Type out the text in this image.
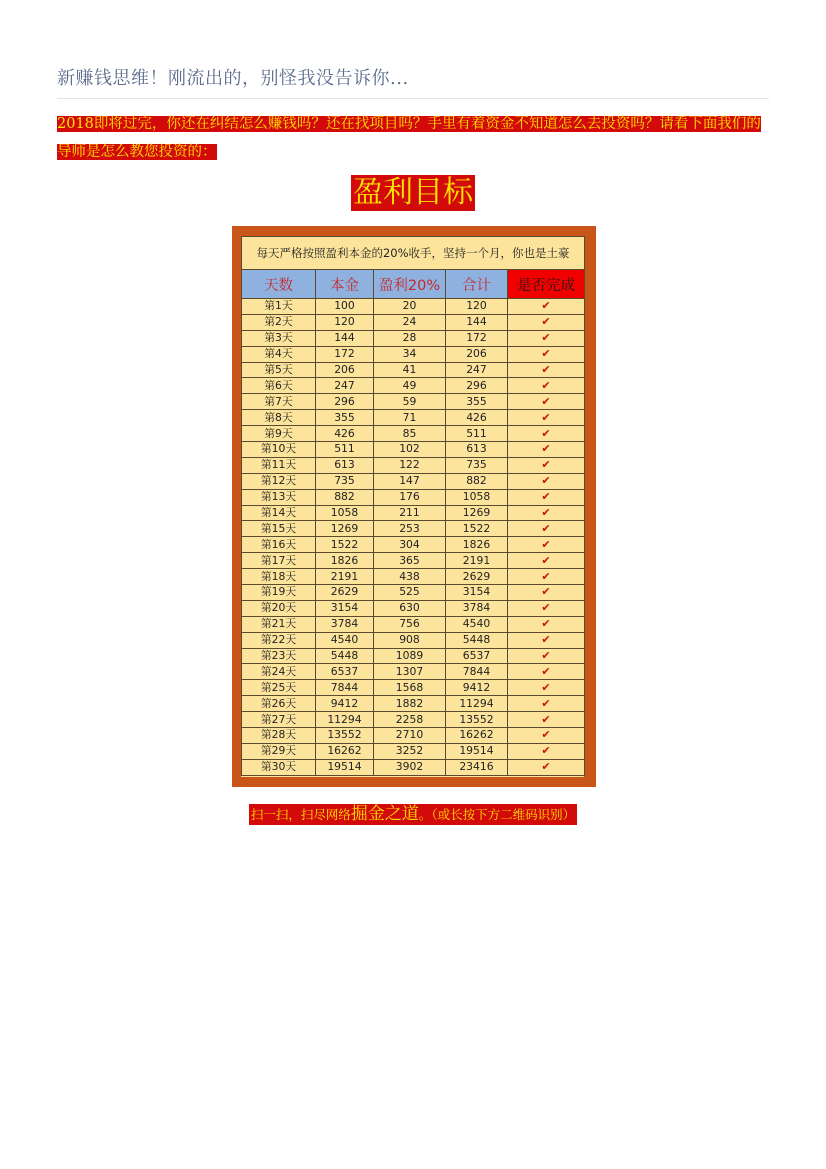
新赚钱思维！刚流出的，别怪我没告诉你...
2018即将过完，你还在纠结怎么赚钱吗？还在找项目吗？手里有着资金不知道怎么去投资吗？请看下面我们的导师是怎么教您投资的：
盈利目标
每天严格按照盈利本金的20%收手，坚持一个月，你也是土豪				
天数	本金	盈利20%	合计	是否完成
第1天	100	20	120	✔
第2天	120	24	144	✔
第3天	144	28	172	✔
第4天	172	34	206	✔
第5天	206	41	247	✔
第6天	247	49	296	✔
第7天	296	59	355	✔
第8天	355	71	426	✔
第9天	426	85	511	✔
第10天	511	102	613	✔
第11天	613	122	735	✔
第12天	735	147	882	✔
第13天	882	176	1058	✔
第14天	1058	211	1269	✔
第15天	1269	253	1522	✔
第16天	1522	304	1826	✔
第17天	1826	365	2191	✔
第18天	2191	438	2629	✔
第19天	2629	525	3154	✔
第20天	3154	630	3784	✔
第21天	3784	756	4540	✔
第22天	4540	908	5448	✔
第23天	5448	1089	6537	✔
第24天	6537	1307	7844	✔
第25天	7844	1568	9412	✔
第26天	9412	1882	11294	✔
第27天	11294	2258	13552	✔
第28天	13552	2710	16262	✔
第29天	16262	3252	19514	✔
第30天	19514	3902	23416	✔
扫一扫，扫尽网络掘金之道。（或长按下方二维码识别）
